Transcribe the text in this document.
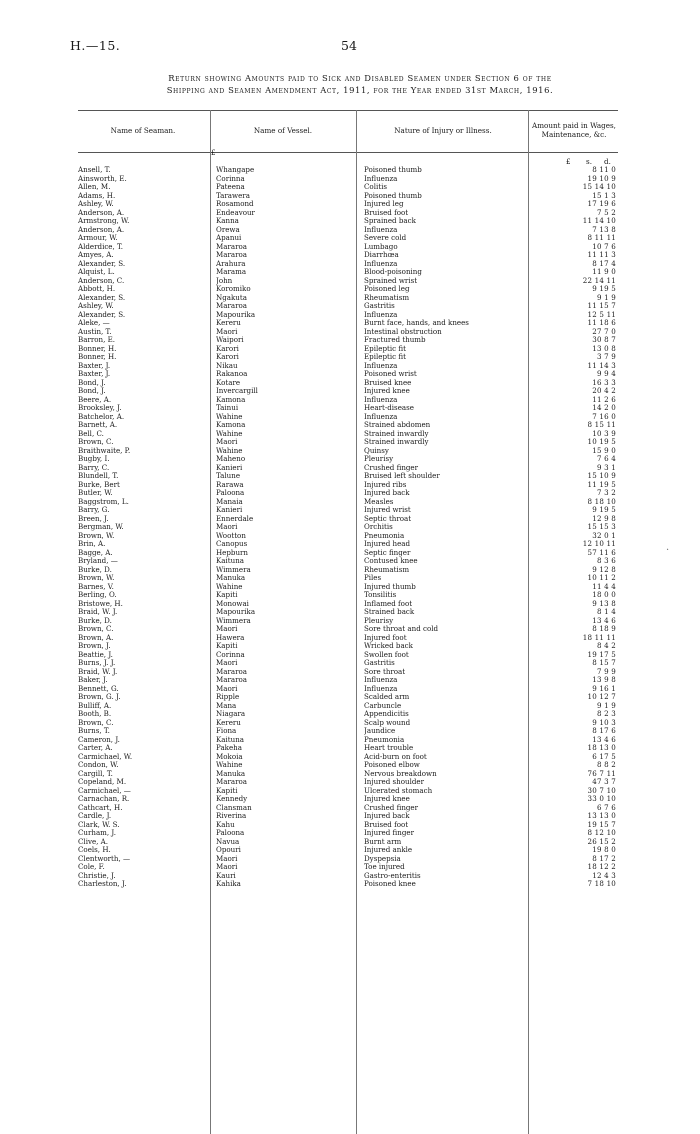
H.—15.	54
Return showing Amounts paid to Sick and Disabled Seamen under Section 6 of the
Shipping and Seamen Amendment Act, 1911, for the Year ended 31st March, 1916.
Name of Seaman.	Name of Vessel.	Nature of Injury or Illness.	Amount paid in Wages, Maintenance, &c.
£
£ s. d.
Ansell, T.	Whangape	Poisoned thumb	8 11 0
Ainsworth, E.	Corinna	Influenza	19 10 9
Allen, M.	Pateena	Colitis	15 14 10
Adams, H.	Tarawera	Poisoned thumb	15 1 3
Ashley, W.	Rosamond	Injured leg	17 19 6
Anderson, A.	Endeavour	Bruised foot	7 5 2
Armstrong, W.	Kanna	Sprained back	11 14 10
Anderson, A.	Orewa	Influenza	7 13 8
Armour, W.	Apanui	Severe cold	8 11 11
Alderdice, T.	Mararoa	Lumbago	10 7 6
Amyes, A.	Mararoa	Diarrhœa	11 11 3
Alexander, S.	Arahura	Influenza	8 17 4
Alquist, L.	Marama	Blood-poisoning	11 9 0
Anderson, C.	John	Sprained wrist	22 14 11
Abbott, H.	Koromiko	Poisoned leg	9 19 5
Alexander, S.	Ngakuta	Rheumatism	9 1 9
Ashley, W.	Mararoa	Gastritis	11 15 7
Alexander, S.	Mapourika	Influenza	12 5 11
Aleke, —	Kereru	Burnt face, hands, and knees	11 18 6
Austin, T.	Maori	Intestinal obstruction	27 7 0
Barron, E.	Waipori	Fractured thumb	30 8 7
Bonner, H.	Karori	Epileptic fit	13 0 8
Bonner, H.	Karori	Epileptic fit	3 7 9
Baxter, J.	Nikau	Influenza	11 14 3
Baxter, J.	Rakanoa	Poisoned wrist	9 9 4
Bond, J.	Kotare	Bruised knee	16 3 3
Bond, J.	Invercargill	Injured knee	20 4 2
Beere, A.	Kamona	Influenza	11 2 6
Brooksley, J.	Tainui	Heart-disease	14 2 0
Batchelor, A.	Wahine	Influenza	7 16 0
Barnett, A.	Kamona	Strained abdomen	8 15 11
Bell, C.	Wahine	Strained inwardly	10 3 9
Brown, C.	Maori	Strained inwardly	10 19 5
Braithwaite, P.	Wahine	Quinsy	15 9 0
Bugby, I.	Maheno	Pleurisy	7 6 4
Barry, C.	Kanieri	Crushed finger	9 3 1
Blundell, T.	Talune	Bruised left shoulder	15 10 9
Burke, Bert	Rarawa	Injured ribs	11 19 5
Butler, W.	Paloona	Injured back	7 3 2
Baggstrom, L.	Manaia	Measles	8 18 10
Barry, G.	Kanieri	Injured wrist	9 19 5
Breen, J.	Ennerdale	Septic throat	12 9 8
Bergman, W.	Maori	Orchitis	15 15 3
Brown, W.	Wootton	Pneumonia	32 0 1
Brin, A.	Canopus	Injured head	12 10 11
Bagge, A.	Hepburn	Septic finger	57 11 6
Bryland, —	Kaituna	Contused knee	8 3 6
Burke, D.	Wimmera	Rheumatism	9 12 8
Brown, W.	Manuka	Piles	10 11 2
Barnes, V.	Wahine	Injured thumb	11 4 4
Berling, O.	Kapiti	Tonsilitis	18 0 0
Bristowe, H.	Monowai	Inflamed foot	9 13 8
Braid, W. J.	Mapourika	Strained back	8 1 4
Burke, D.	Wimmera	Pleurisy	13 4 6
Brown, C.	Maori	Sore throat and cold	8 18 9
Brown, A.	Hawera	Injured foot	18 11 11
Brown, J.	Kapiti	Wricked back	8 4 2
Beattie, J.	Corinna	Swollen foot	19 17 5
Burns, J. J.	Maori	Gastritis	8 15 7
Braid, W. J.	Mararoa	Sore throat	7 9 9
Baker, J.	Mararoa	Influenza	13 9 8
Bennett, G.	Maori	Influenza	9 16 1
Brown, G. J.	Ripple	Scalded arm	10 12 7
Bulliff, A.	Mana	Carbuncle	9 1 9
Booth, B.	Niagara	Appendicitis	8 2 3
Brown, C.	Kereru	Scalp wound	9 10 3
Burns, T.	Fiona	Jaundice	8 17 6
Cameron, J.	Kaituna	Pneumonia	13 4 6
Carter, A.	Pakeha	Heart trouble	18 13 0
Carmichael, W.	Mokoia	Acid-burn on foot	6 17 5
Condon, W.	Wahine	Poisoned elbow	8 8 2
Cargill, T.	Manuka	Nervous breakdown	76 7 11
Copeland, M.	Mararoa	Injured shoulder	47 3 7
Carmichael, —	Kapiti	Ulcerated stomach	30 7 10
Carnachan, R.	Kennedy	Injured knee	33 0 10
Cathcart, H.	Clansman	Crushed finger	6 7 6
Cardle, J.	Riverina	Injured back	13 13 0
Clark, W. S.	Kahu	Bruised foot	19 15 7
Curham, J.	Paloona	Injured finger	8 12 10
Clive, A.	Navua	Burnt arm	26 15 2
Coels, H.	Opouri	Injured ankle	19 8 0
Clentworth, —	Maori	Dyspepsia	8 17 2
Cole, F.	Maori	Toe injured	18 12 2
Christie, J.	Kauri	Gastro-enteritis	12 4 3
Charleston, J.	Kahika	Poisoned knee	7 18 10
·
